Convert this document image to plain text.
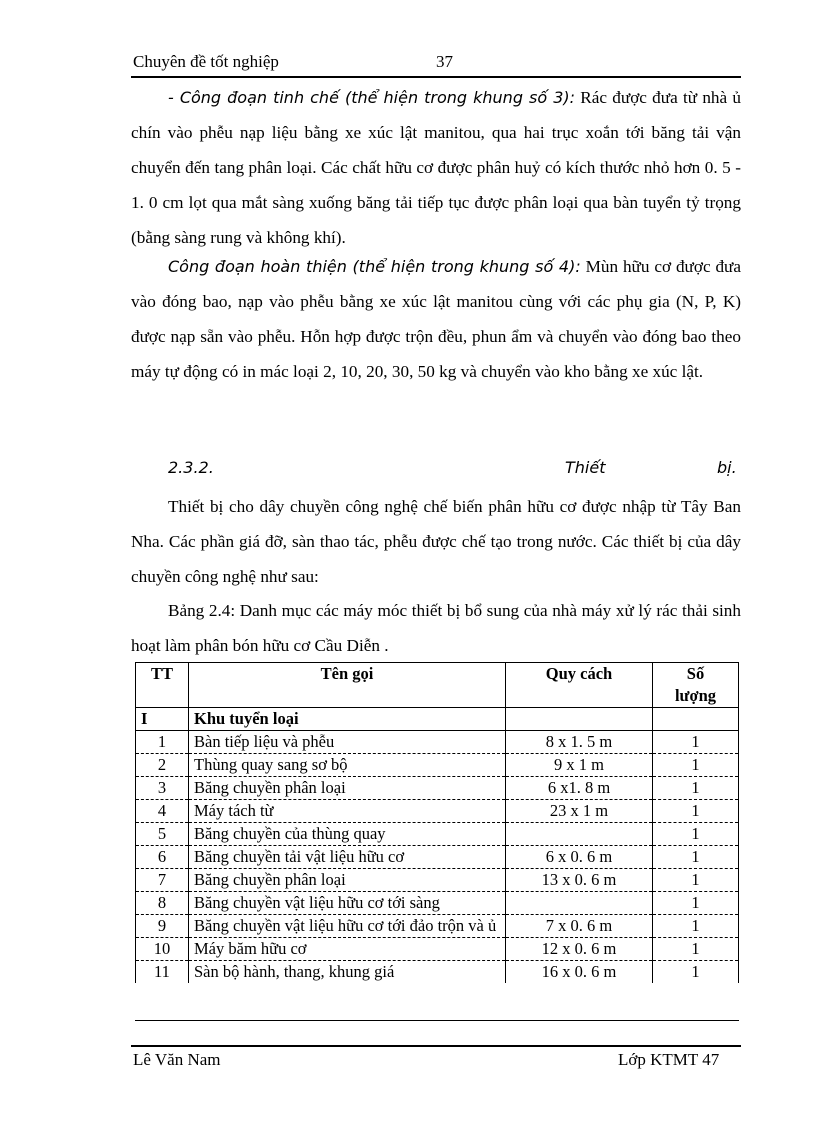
Chuyên đề tốt nghiệp	37

- Công đoạn tinh chế (thể hiện trong khung số 3): Rác được đưa từ nhà ủ chín vào phễu nạp liệu bằng xe xúc lật manitou, qua hai trục xoắn tới băng tải vận chuyển đến tang phân loại. Các chất hữu cơ được phân huỷ có kích thước nhỏ hơn 0. 5 - 1. 0 cm lọt qua mắt sàng xuống băng tải tiếp tục được phân loại qua bàn tuyển tỷ trọng (bằng sàng rung và không khí).

Công đoạn hoàn thiện (thể hiện trong khung số 4): Mùn hữu cơ được đưa vào đóng bao, nạp vào phễu bằng xe xúc lật manitou cùng với các phụ gia (N, P, K) được nạp sẵn vào phễu. Hỗn hợp được trộn đều, phun ẩm và chuyển vào đóng bao theo máy tự động có in mác loại 2, 10, 20, 30, 50 kg và chuyển vào kho bằng xe xúc lật.

2.3.2.	Thiết	bị.

Thiết bị cho dây chuyền công nghệ chế biến phân hữu cơ được nhập từ Tây Ban Nha. Các phần giá đỡ, sàn thao tác, phễu được chế tạo trong nước. Các thiết bị của dây chuyền công nghệ như sau:

Bảng 2.4: Danh mục các máy móc thiết bị bổ sung của nhà máy xử lý rác thải sinh hoạt làm phân bón hữu cơ Cầu Diễn .

TT	Tên gọi	Quy cách	Số
lượng
I	Khu tuyển loại		
1	Bàn tiếp liệu và phễu	8 x 1. 5 m	1
2	Thùng quay sang sơ bộ	9 x 1 m	1
3	Băng chuyền phân loại	6 x1. 8 m	1
4	Máy tách từ	23 x 1 m	1
5	Băng chuyền của thùng quay		1
6	Băng chuyền tải vật liệu hữu cơ	6 x 0. 6 m	1
7	Băng chuyền phân loại	13 x 0. 6 m	1
8	Băng chuyền vật liệu hữu cơ tới sàng		1
9	Băng chuyền vật liệu hữu cơ tới đảo trộn và ủ	7 x 0. 6 m	1
10	Máy băm hữu cơ	12 x 0. 6 m	1
11	Sàn bộ hành, thang, khung giá	16 x 0. 6 m	1
Lê Văn Nam	Lớp KTMT 47
